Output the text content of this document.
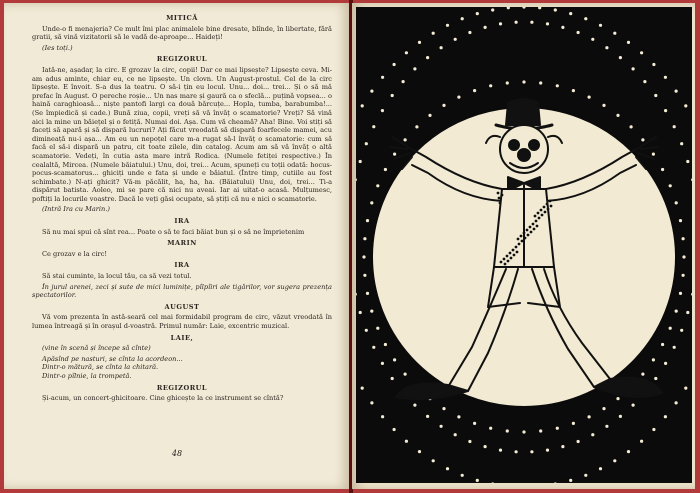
MITICĂ

Unde-o fi menajeria? Ce mult îmi plac animalele bine dresate, blînde, în libertate, fără gratii, să vină vizitatorii să le vadă de-aproape... Haideți!

(Ies toți.)

REGIZORUL

Iată-ne, așadar, la circ. E grozav la circ, copii! Dar ce mai lipsește? Lipsește ceva. Mi-am adus aminte, chiar eu, ce ne lipsește. Un clovn. Un August-prostul. Cel de la circ lipsește. E învoit. S-a dus la teatru. O să-i țin eu locul. Unu... doi... trei... Și o să mă prefac în August. O pereche roșie... Un nas mare și gaură ca o sfeclă... puțină vopsea... o haină caraghioasă... niște pantofi largi ca două bărcuțe... Hopla, tumba, barabumba!... (Se împiedică și cade.) Bună ziua, copii, vreți să vă învăț o scamatorie? Vreți? Să vină aici la mine un băiețel și o fetiță. Numai doi. Așa. Cum vă cheamă? Aha! Bine. Voi stiți să faceți să apară și să dispară lucruri? Ați făcut vreodată să dispară foarfecele mamei, acu dimineață nu-i așa... Am eu un nepoțel care m-a rugat să-l învăț o scamatorie: cum să facă el să-i dispară un patru, cit toate zilele, din catalog. Acum am să vă învăț o altă scamatorie. Vedeți, în cutia asta mare intră Rodica. (Numele fetiței respective.) În cealaltă, Mircea. (Numele băiatului.) Unu, doi, trei... Acum, spuneți cu toții odată: hocus-pocus-scamatorus... ghiciți unde e fata și unde e băiatul. (Între timp, cutiile au fost schimbate.) N-ați ghicit? Vă-m păcălit, ha, ha, ha. (Băiatului) Unu, doi, trei... Ti-a dispărut batista. Aoleo, mi se pare că nici nu aveai. Iar ai uitat-o acasă. Mulțumesc, poftiți la locurile voastre. Dacă le veți găsi ocupate, să știți că nu e nici o scamatorie.

(Intră Ira cu Marin.)

IRA

Să nu mai spui că sînt rea... Poate o să te faci băiat bun și o să ne împrietenim

MARIN

Ce grozav e la circ!

IRA

Să stai cuminte, la locul tău, ca să vezi totul.

În jurul arenei, zeci și sute de mici luminițe, pîlpîiri ale tigărilor, vor sugera prezența spectatorilor.

AUGUST

Vă vom prezenta în astă-seară cel mai formidabil program de circ, văzut vreodată în lumea întreagă și în orașul d-voastră. Primul număr: Laie, excentric muzical.

LAIE,

(vine în scenă și începe să cînte)

Apăsînd pe nasturi, se cînta la acordeon...

Dintr-o mătură, se cînta la chitară.

Dintr-o pîlnie, la trompetă.

REGIZORUL

Și-acum, un concert-ghicitoare. Cine ghicește la ce instrument se cîntă?

48
